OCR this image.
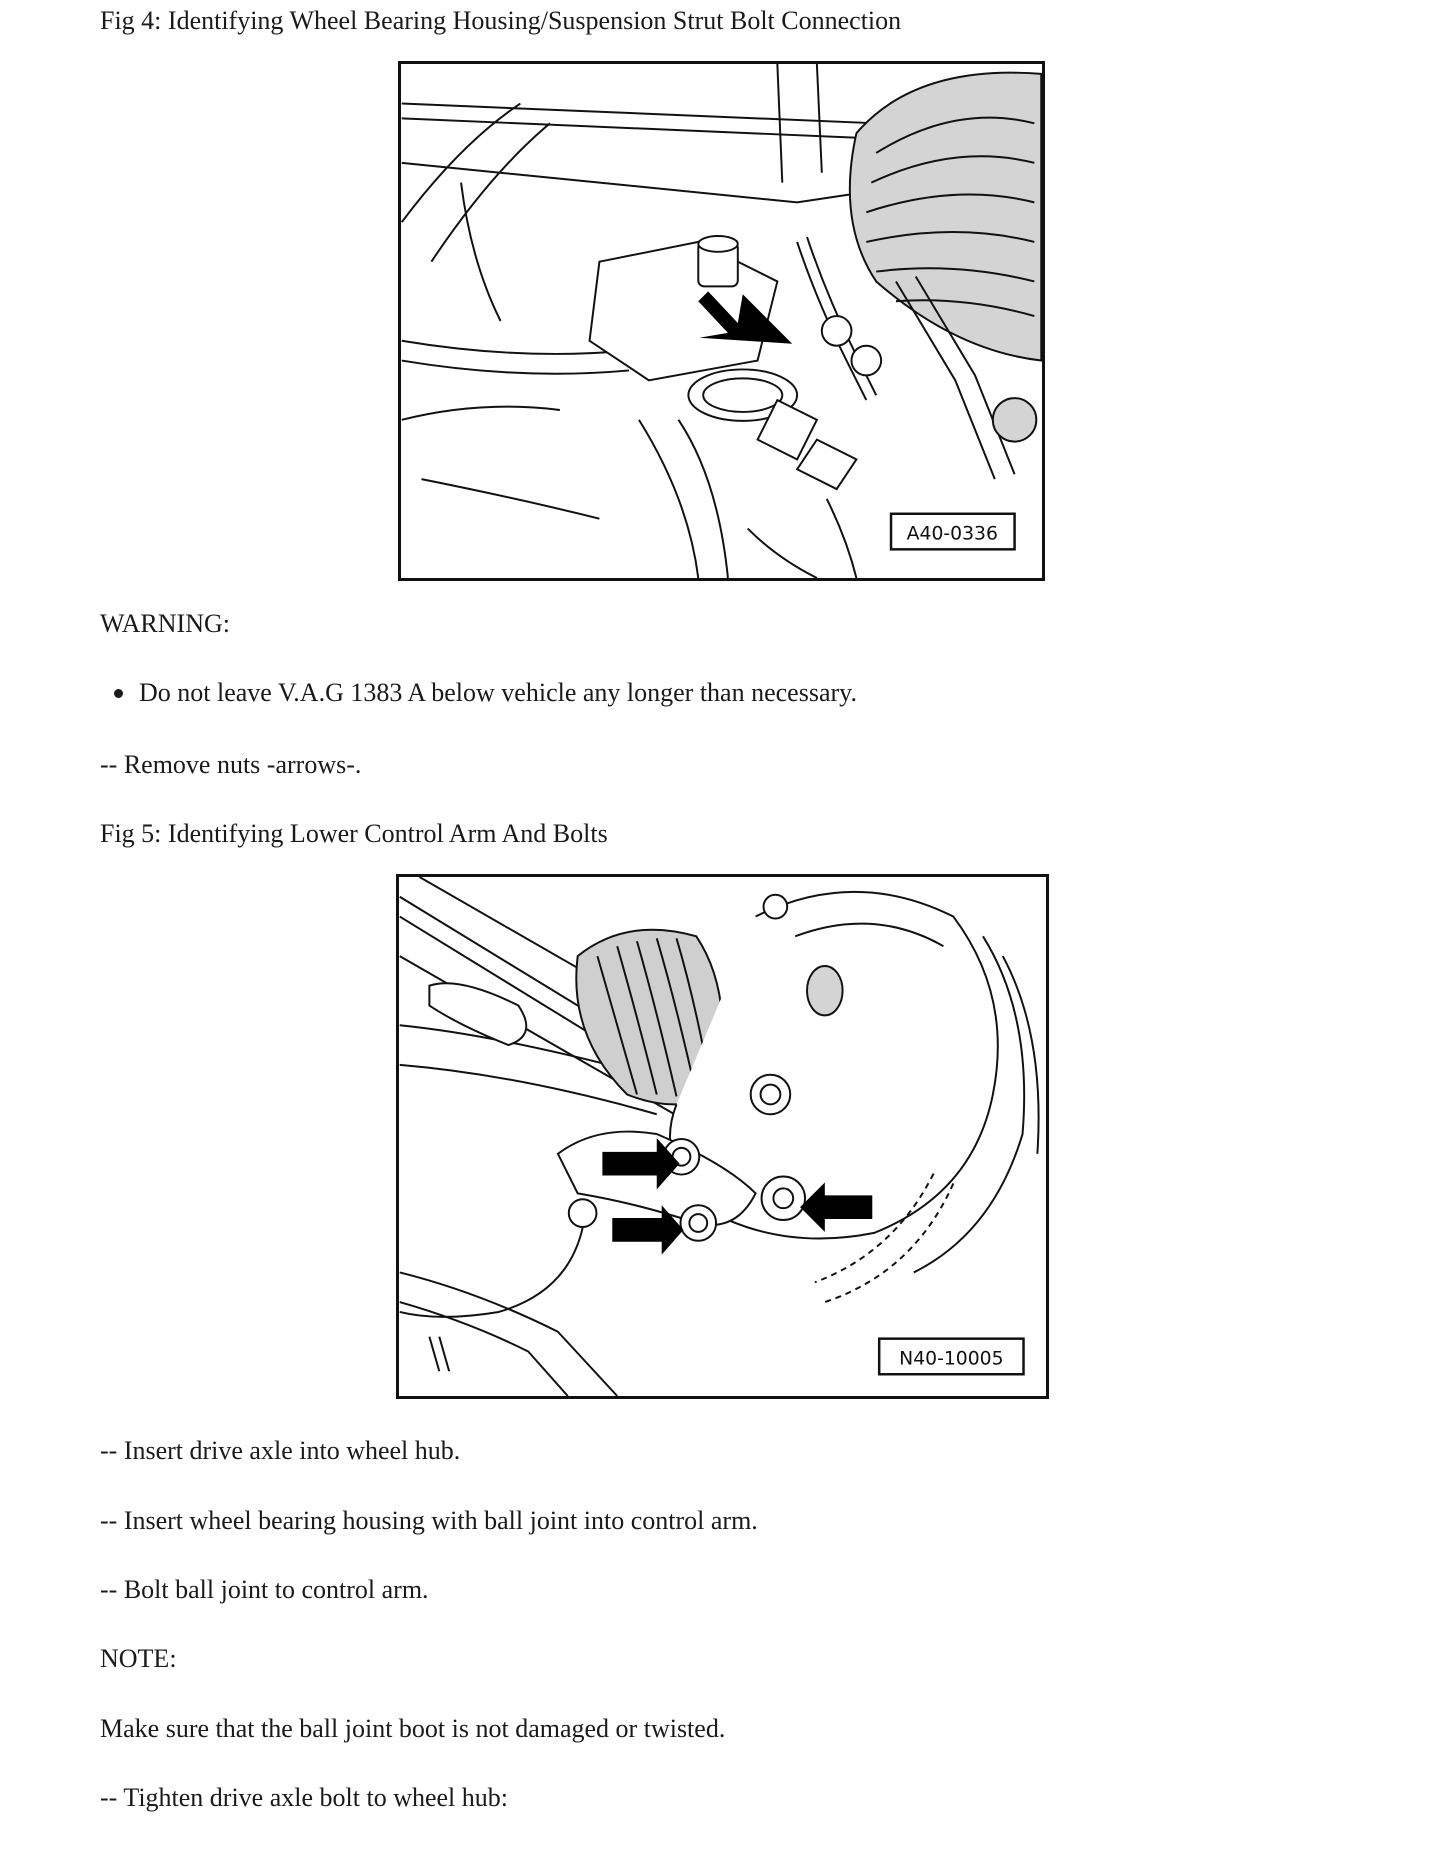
Fig 4: Identifying Wheel Bearing Housing/Suspension Strut Bolt Connection
A40-0336
WARNING:
Do not leave V.A.G 1383 A below vehicle any longer than necessary.
-- Remove nuts -arrows-.
Fig 5: Identifying Lower Control Arm And Bolts
N40-10005
-- Insert drive axle into wheel hub.
-- Insert wheel bearing housing with ball joint into control arm.
-- Bolt ball joint to control arm.
NOTE:
Make sure that the ball joint boot is not damaged or twisted.
-- Tighten drive axle bolt to wheel hub:
